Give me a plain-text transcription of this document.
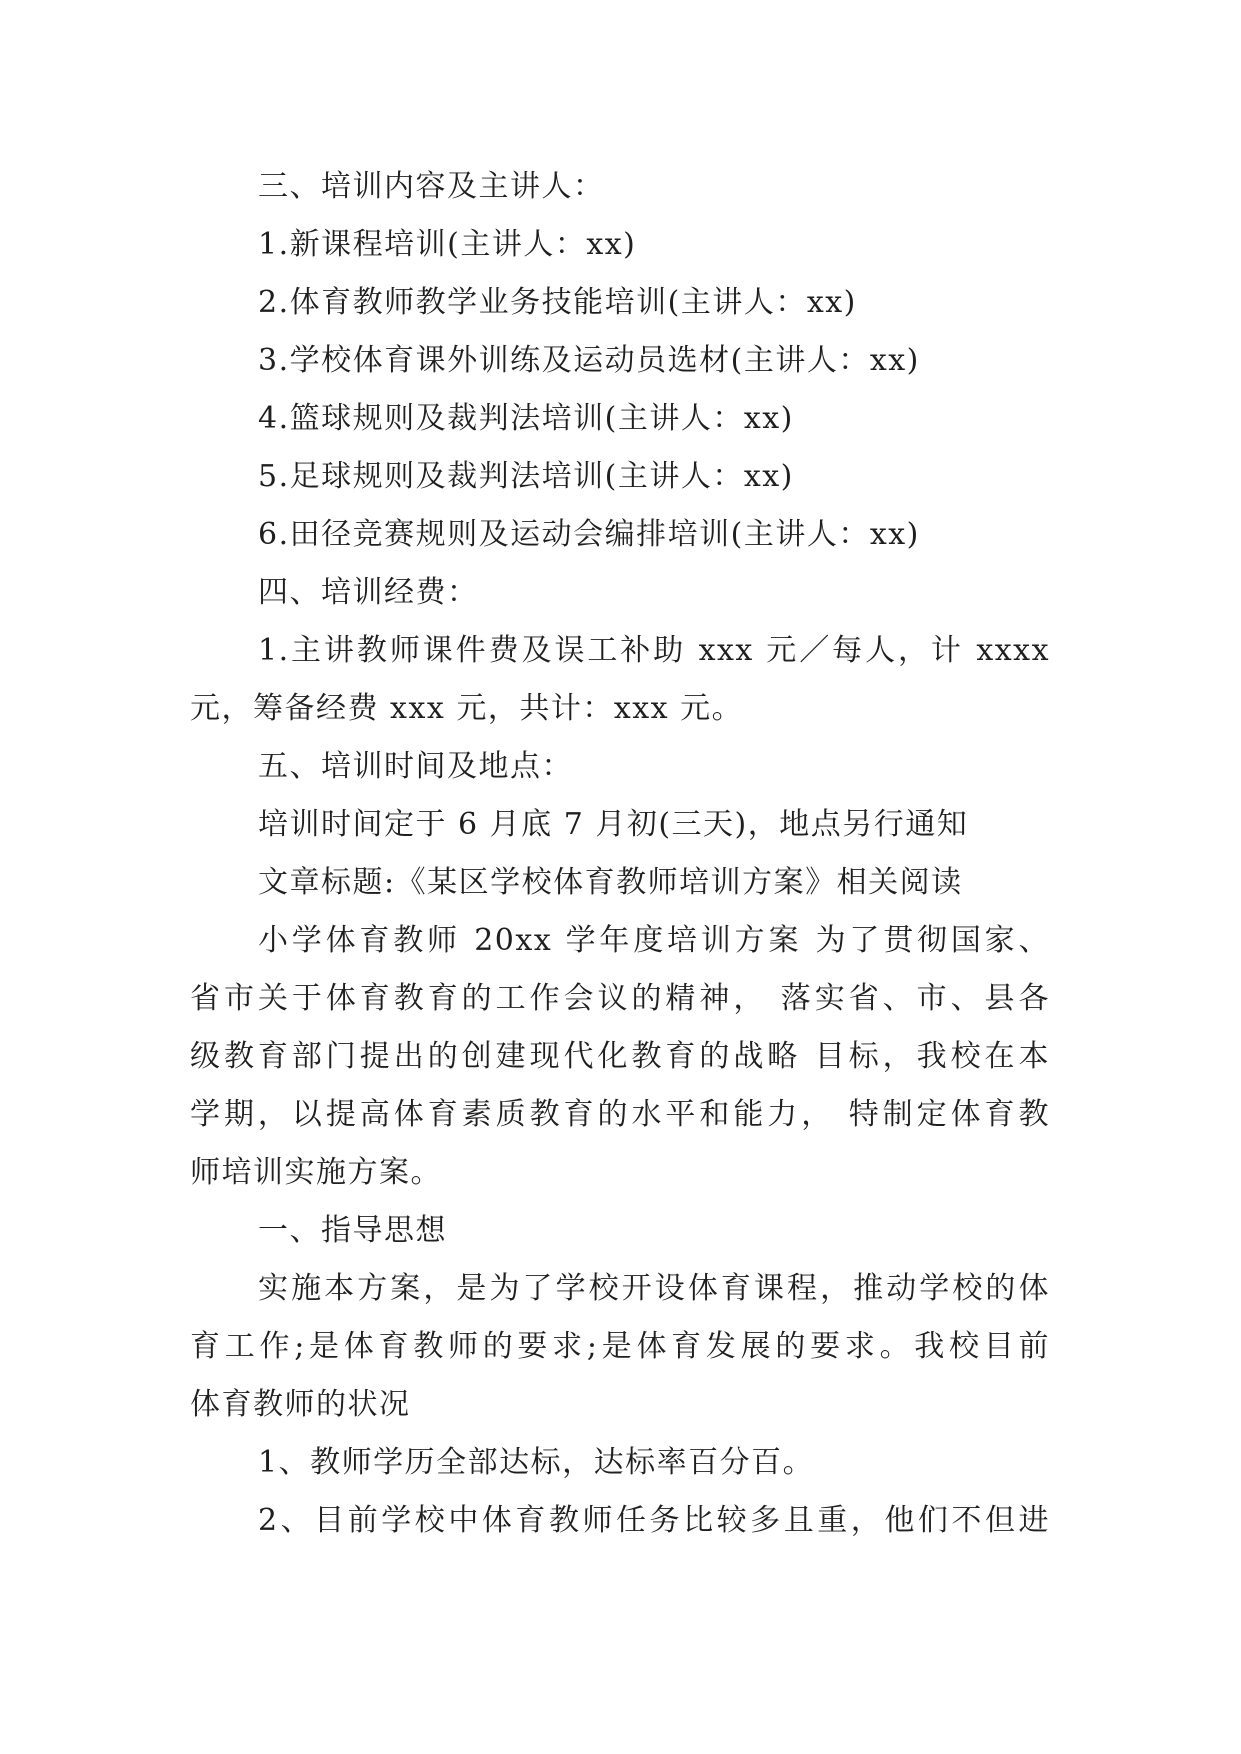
三、培训内容及主讲人：
1.新课程培训(主讲人：xx)
2.体育教师教学业务技能培训(主讲人：xx)
3.学校体育课外训练及运动员选材(主讲人：xx)
4.篮球规则及裁判法培训(主讲人：xx)
5.足球规则及裁判法培训(主讲人：xx)
6.田径竞赛规则及运动会编排培训(主讲人：xx)
四、培训经费：
1.主讲教师课件费及误工补助 xxx 元／每人，计 xxxx
元，筹备经费 xxx 元，共计：xxx 元。
五、培训时间及地点：
培训时间定于 6 月底 7 月初(三天)，地点另行通知
文章标题:《某区学校体育教师培训方案》相关阅读
小学体育教师 20xx 学年度培训方案 为了贯彻国家、
省市关于体育教育的工作会议的精神， 落实省、市、县各
级教育部门提出的创建现代化教育的战略 目标，我校在本
学期，以提高体育素质教育的水平和能力， 特制定体育教
师培训实施方案。
一、指导思想
实施本方案，是为了学校开设体育课程，推动学校的体
育工作;是体育教师的要求;是体育发展的要求。我校目前
体育教师的状况
1、教师学历全部达标，达标率百分百。
2、目前学校中体育教师任务比较多且重，他们不但进
